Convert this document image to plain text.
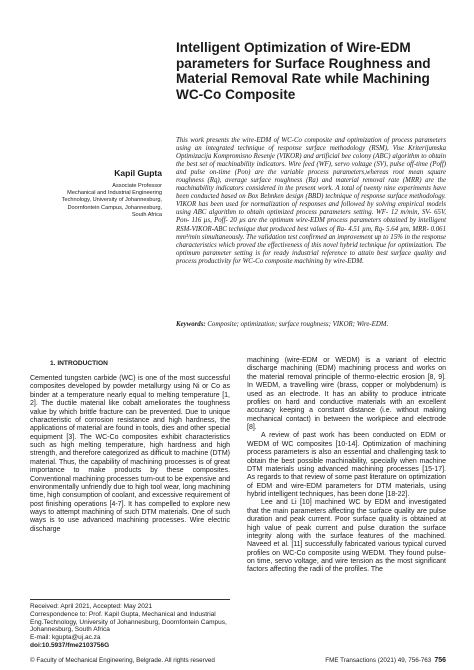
Intelligent Optimization of Wire-EDM parameters for Surface Roughness and Material Removal Rate while Machining WC-Co Composite
Kapil Gupta
Associate Professor
Mechanical and Industrial Engineering
Technology, University of Johannesburg,
Doornfontein Campus, Johannesburg,
South Africa

This work presents the wire-EDM of WC-Co composite and optimization of process parameters using an integrated technique of response surface methodology (RSM), Vise Kriterijumska Optimizacija Kompromisno Resenje (VIKOR) and artificial bee colony (ABC) algorithm to obtain the best set of machinability indicators. Wire feed (WF), servo voltage (SV), pulse off-time (Poff) and pulse on-time (Pon) are the variable process parameters,whereas root mean square roughness (Rq), average surface roughness (Ra) and material removal rate (MRR) are the machinability indicators considered in the present work. A total of twenty nine experiments have been conducted based on Box Behnken design (BBD) technique of response surface methodology. VIKOR has been used for normalization of responses and followed by solving empirical models using ABC algorithm to obtain optimized process parameters setting. WF- 12 m/min, SV- 65V, Pon- 116 µs, Poff- 20 µs are the optimum wire-EDM process parameters obtained by intelligent RSM-VIKOR-ABC technique that produced best values of Ra- 4.51 µm, Rq- 5.64 µm, MRR- 0.061 mm³/min simultaneously. The validation test confirmed an improvement up to 15% in the response characteristics which proved the effectiveness of this novel hybrid technique for optimization. The optimum parameter setting is for ready industrial reference to attain best surface quality and process productivity for WC-Co composite machining by wire-EDM.

Keywords: Composite; optimization; surface roughness; VIKOR; Wire-EDM.

1. INTRODUCTION

Cemented tungsten carbide (WC) is one of the most successful composites developed by powder metallurgy using Ni or Co as binder at a temperature nearly equal to melting temperature [1, 2]. The ductile material like cobalt ameliorates the toughness value by which brittle fracture can be prevented. Due to unique characteristic of corrosion resistance and high hardness, the applications of material are found in tools, dies and other special equipment [3]. The WC-Co composites exhibit characteristics such as high melting temperature, high hardness and high strength, and therefore categorized as difficult to machine (DTM) material. Thus, the capability of machining processes is of great importance to make products by these composites. Conventional machining processes turn-out to be expensive and environmentally unfriendly due to high tool wear, long machining time, high consumption of coolant, and excessive requirement of post finishing operations [4-7]. It has compelled to explore new ways to attempt machining of such DTM materials. One of such ways is to use advanced machining processes. Wire electric discharge

machining (wire-EDM or WEDM) is a variant of electric discharge machining (EDM) machining process and works on the material removal principle of thermo-electric erosion [8, 9]. In WEDM, a travelling wire (brass, copper or molybdenum) is used as an electrode. It has an ability to produce intricate profiles on hard and conductive materials with an excellent accuracy keeping a constant distance (i.e. without making mechanical contact) in between the workpiece and electrode [8].
A review of past work has been conducted on EDM or WEDM of WC composites [10-14]. Optimization of machining process parameters is also an essential and challenging task to obtain the best possible machinability, specially when machine DTM materials using advanced machining processes [15-17]. As regards to that review of some past literature on optimization of EDM and wire-EDM parameters for DTM materials, using hybrid intelligent techniques, has been done [18-22].
Lee and Li [10] machined WC by EDM and investigated that the main parameters affecting the surface quality are pulse duration and peak current. Poor surface quality is obtained at high value of peak current and pulse duration the surface integrity along with the surface features of the machined. Naveed et al. [11] successfully fabricated various typical curved profiles on WC-Co composite using WEDM. They found pulse-on time, servo voltage, and wire tension as the most significant factors affecting the radii of the profiles. The
Received: April 2021, Accepted: May 2021
Correspondence to: Prof. Kapil Gupta, Mechanical and Industrial Eng.Technology, University of Johannesburg, Doornfontein Campus, Johannesburg, South Africa
E-mail: kgupta@uj.ac.za
doi:10.5937/fme2103756G
© Faculty of Mechanical Engineering, Belgrade. All rights reserved	FME Transactions (2021) 49, 756-763 756
